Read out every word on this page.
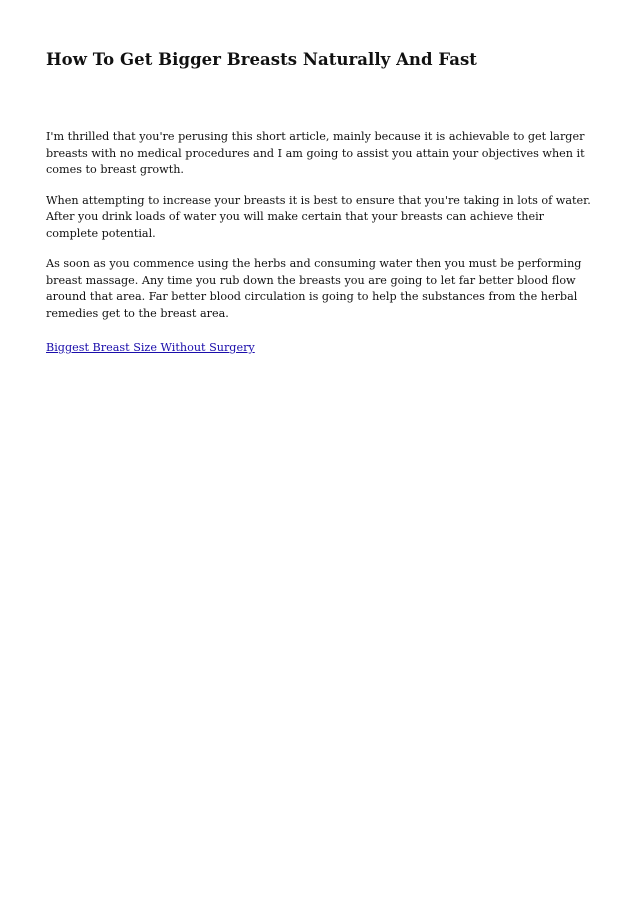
How To Get Bigger Breasts Naturally And Fast

I'm thrilled that you're perusing this short article, mainly because it is achievable to get larger breasts with no medical procedures and I am going to assist you attain your objectives when it comes to breast growth.

When attempting to increase your breasts it is best to ensure that you're taking in lots of water. After you drink loads of water you will make certain that your breasts can achieve their complete potential.

As soon as you commence using the herbs and consuming water then you must be performing breast massage. Any time you rub down the breasts you are going to let far better blood flow around that area. Far better blood circulation is going to help the substances from the herbal remedies get to the breast area.

Biggest Breast Size Without Surgery
